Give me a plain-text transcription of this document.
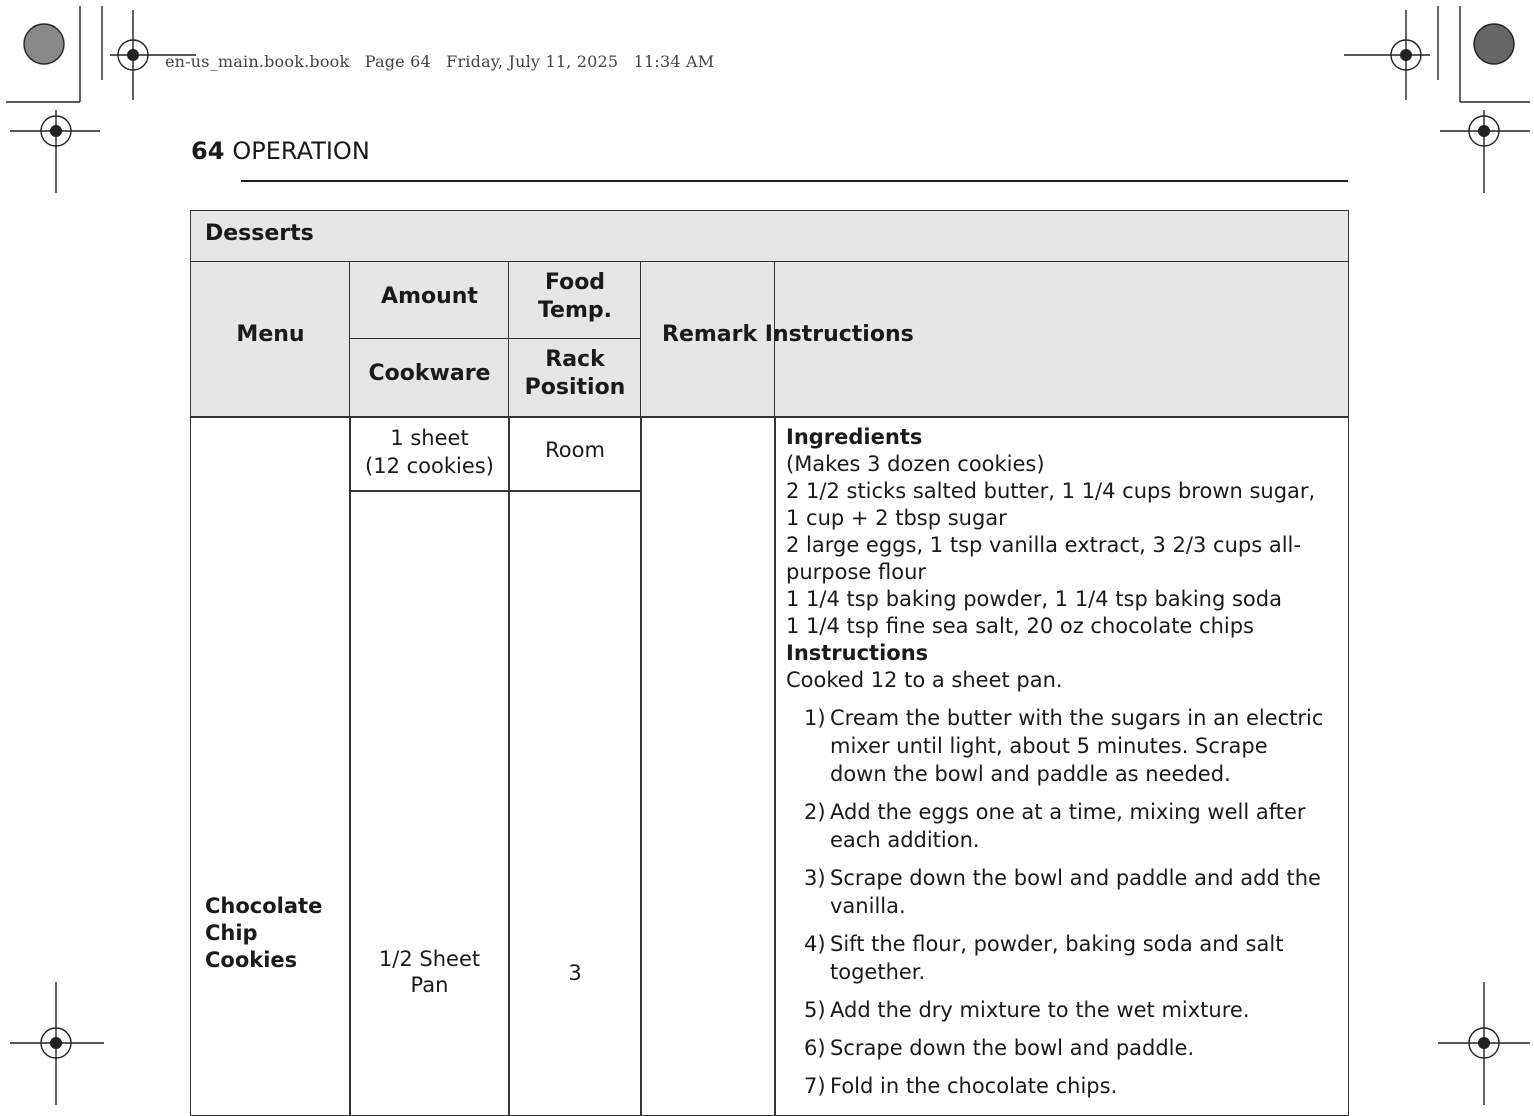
en-us_main.book.book Page 64 Friday, July 11, 2025 11:34 AM
64 OPERATION
Desserts
Menu
Amount
Food
Temp.
Cookware
Rack
Position
Remark Instructions
Chocolate
Chip
Cookies
1 sheet
(12 cookies)
Room
1/2 Sheet
Pan	3
Ingredients
(Makes 3 dozen cookies)
2 1/2 sticks salted butter, 1 1/4 cups brown sugar, 1 cup + 2 tbsp sugar
2 large eggs, 1 tsp vanilla extract, 3 2/3 cups all-purpose flour
1 1/4 tsp baking powder, 1 1/4 tsp baking soda
1 1/4 tsp fine sea salt, 20 oz chocolate chips
Instructions
Cooked 12 to a sheet pan.
1) Cream the butter with the sugars in an electric mixer until light, about 5 minutes. Scrape down the bowl and paddle as needed.
2) Add the eggs one at a time, mixing well after each addition.
3) Scrape down the bowl and paddle and add the vanilla.
4) Sift the flour, powder, baking soda and salt together.
5) Add the dry mixture to the wet mixture.
6) Scrape down the bowl and paddle.
7) Fold in the chocolate chips.
